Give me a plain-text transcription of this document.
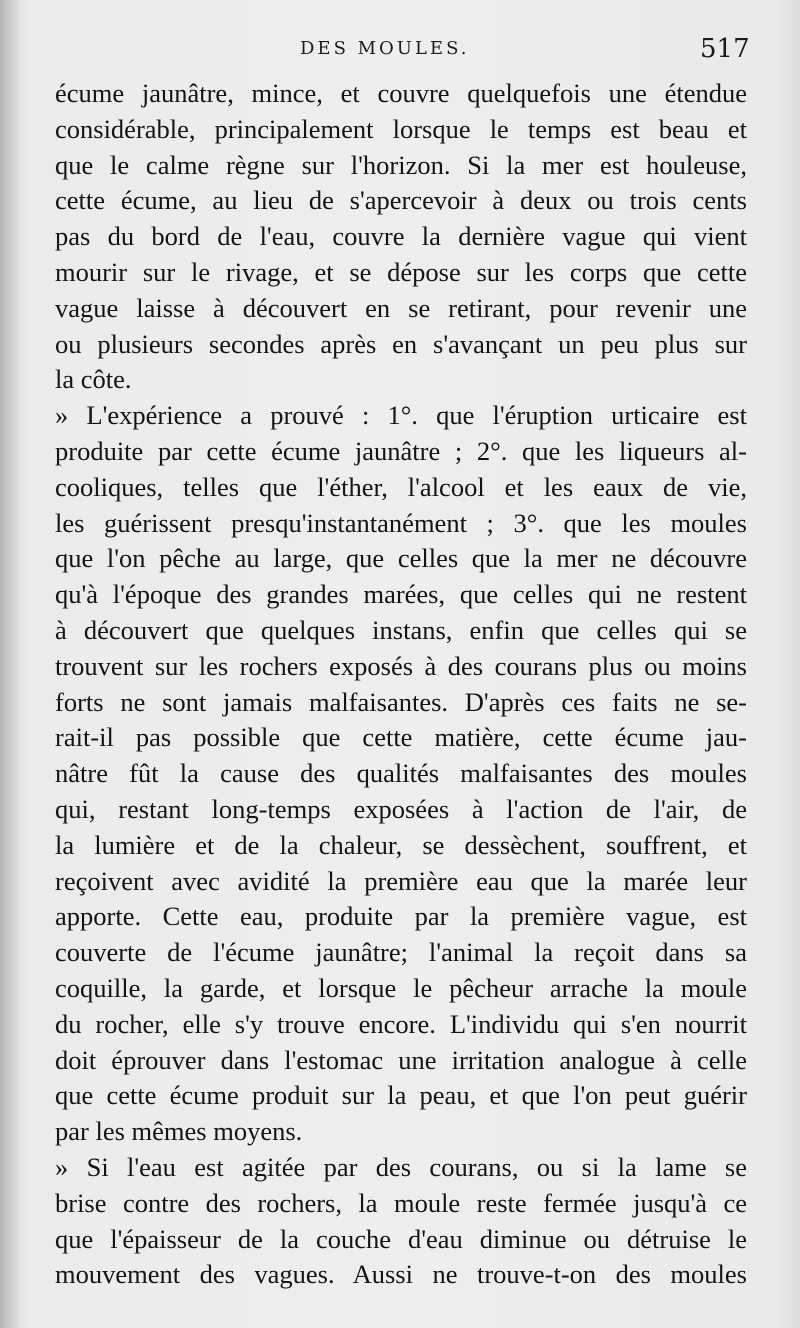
DES MOULES.	517
écume jaunâtre, mince, et couvre quelquefois une étendue
considérable, principalement lorsque le temps est beau et
que le calme règne sur l'horizon. Si la mer est houleuse,
cette écume, au lieu de s'apercevoir à deux ou trois cents
pas du bord de l'eau, couvre la dernière vague qui vient
mourir sur le rivage, et se dépose sur les corps que cette
vague laisse à découvert en se retirant, pour revenir une
ou plusieurs secondes après en s'avançant un peu plus sur
la côte.
» L'expérience a prouvé : 1°. que l'éruption urticaire est
produite par cette écume jaunâtre ; 2°. que les liqueurs al-
cooliques, telles que l'éther, l'alcool et les eaux de vie,
les guérissent presqu'instantanément ; 3°. que les moules
que l'on pêche au large, que celles que la mer ne découvre
qu'à l'époque des grandes marées, que celles qui ne restent
à découvert que quelques instans, enfin que celles qui se
trouvent sur les rochers exposés à des courans plus ou moins
forts ne sont jamais malfaisantes. D'après ces faits ne se-
rait-il pas possible que cette matière, cette écume jau-
nâtre fût la cause des qualités malfaisantes des moules
qui, restant long-temps exposées à l'action de l'air, de
la lumière et de la chaleur, se dessèchent, souffrent, et
reçoivent avec avidité la première eau que la marée leur
apporte. Cette eau, produite par la première vague, est
couverte de l'écume jaunâtre; l'animal la reçoit dans sa
coquille, la garde, et lorsque le pêcheur arrache la moule
du rocher, elle s'y trouve encore. L'individu qui s'en nourrit
doit éprouver dans l'estomac une irritation analogue à celle
que cette écume produit sur la peau, et que l'on peut guérir
par les mêmes moyens.
» Si l'eau est agitée par des courans, ou si la lame se
brise contre des rochers, la moule reste fermée jusqu'à ce
que l'épaisseur de la couche d'eau diminue ou détruise le
mouvement des vagues. Aussi ne trouve-t-on des moules
